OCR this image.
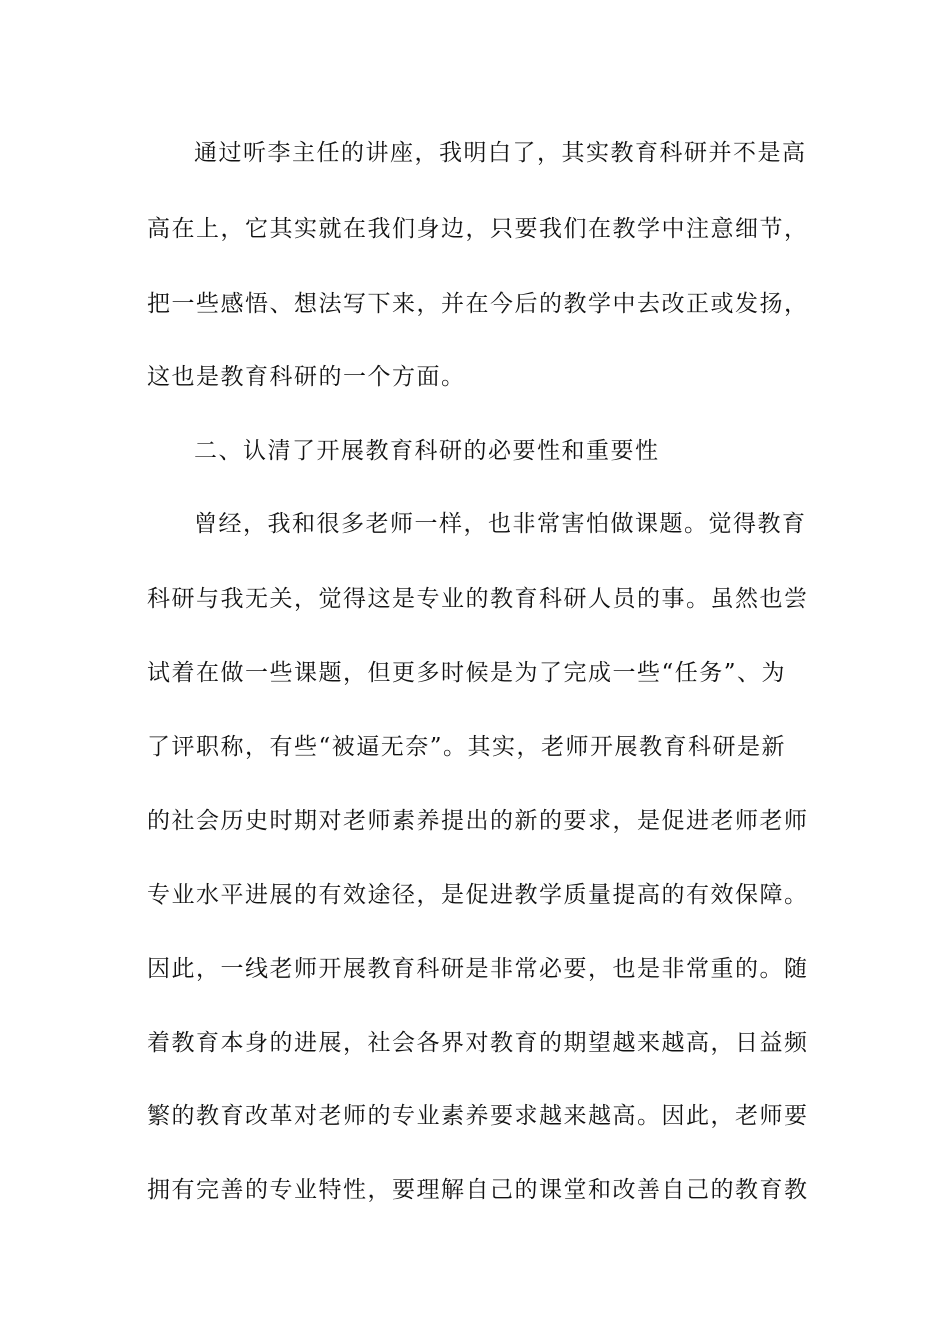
通过听李主任的讲座，我明白了，其实教育科研并不是高
高在上，它其实就在我们身边，只要我们在教学中注意细节，
把一些感悟、想法写下来，并在今后的教学中去改正或发扬，
这也是教育科研的一个方面。
二、认清了开展教育科研的必要性和重要性
曾经，我和很多老师一样，也非常害怕做课题。觉得教育
科研与我无关，觉得这是专业的教育科研人员的事。虽然也尝
试着在做一些课题，但更多时候是为了完成一些“任务”、为
了评职称，有些“被逼无奈”。其实，老师开展教育科研是新
的社会历史时期对老师素养提出的新的要求，是促进老师老师
专业水平进展的有效途径，是促进教学质量提高的有效保障。
因此，一线老师开展教育科研是非常必要，也是非常重的。随
着教育本身的进展，社会各界对教育的期望越来越高，日益频
繁的教育改革对老师的专业素养要求越来越高。因此，老师要
拥有完善的专业特性，要理解自己的课堂和改善自己的教育教
